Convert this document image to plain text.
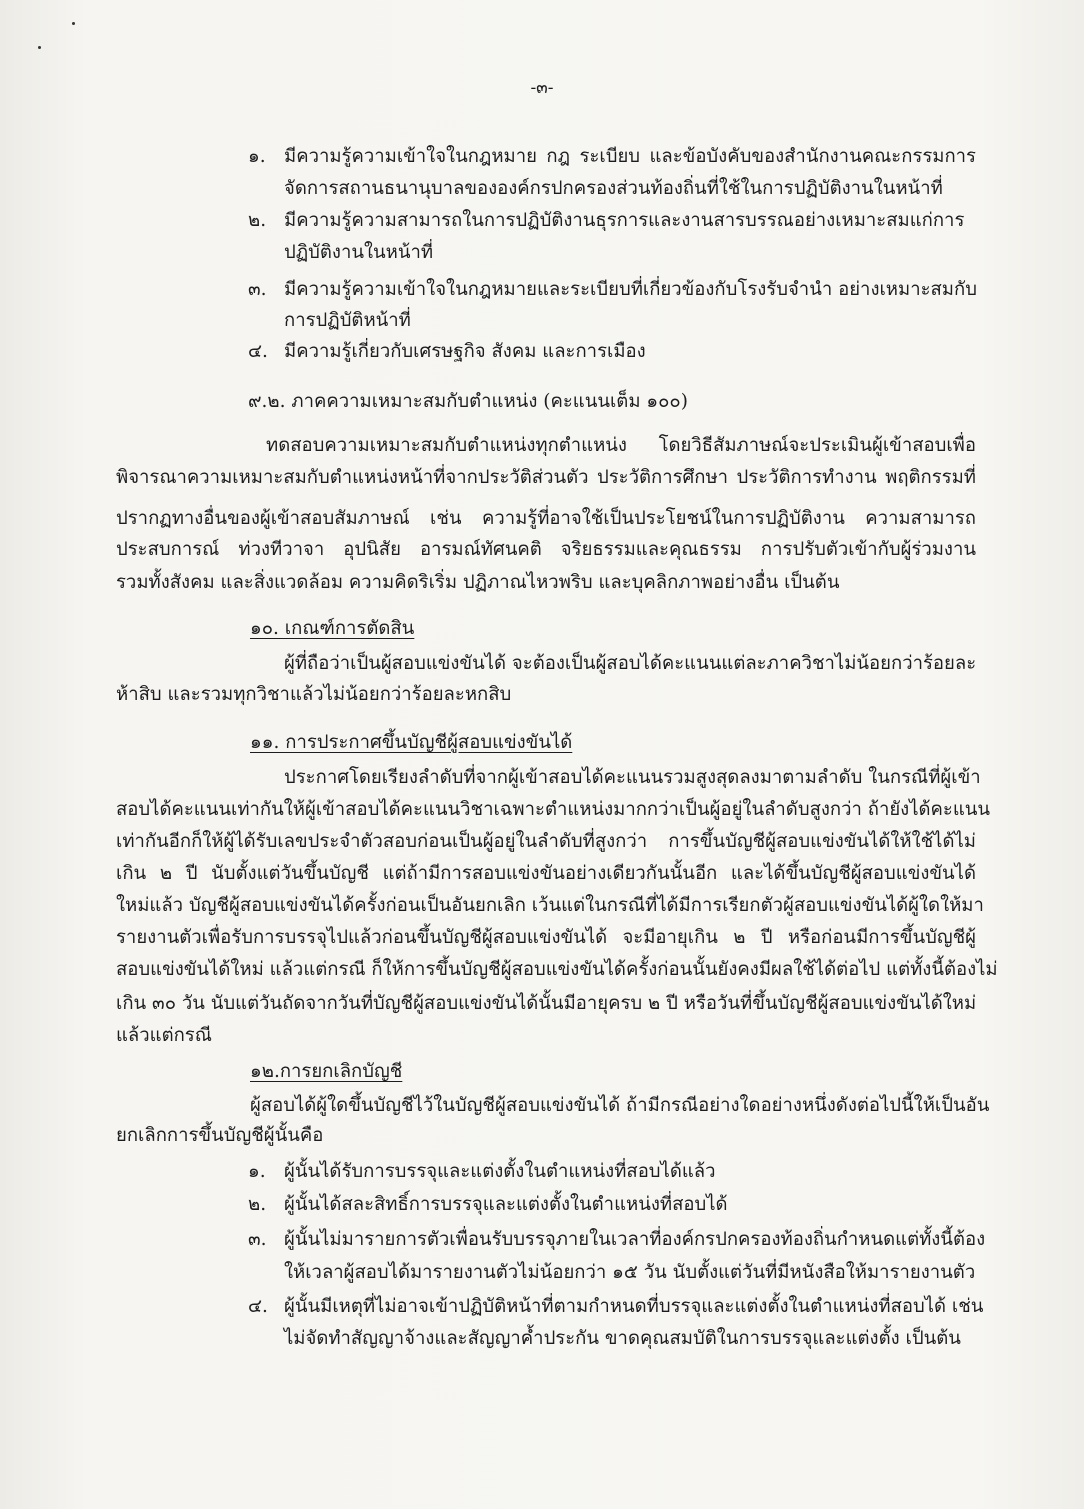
-๓-
๑. มีความรู้ความเข้าใจในกฎหมาย กฎ ระเบียบ และข้อบังคับของสำนักงานคณะกรรมการ
จัดการสถานธนานุบาลขององค์กรปกครองส่วนท้องถิ่นที่ใช้ในการปฏิบัติงานในหน้าที่
๒. มีความรู้ความสามารถในการปฏิบัติงานธุรการและงานสารบรรณอย่างเหมาะสมแก่การ
ปฏิบัติงานในหน้าที่
๓. มีความรู้ความเข้าใจในกฎหมายและระเบียบที่เกี่ยวข้องกับโรงรับจำนำ อย่างเหมาะสมกับ
การปฏิบัติหน้าที่
๔. มีความรู้เกี่ยวกับเศรษฐกิจ สังคม และการเมือง
๙.๒. ภาคความเหมาะสมกับตำแหน่ง (คะแนนเต็ม ๑๐๐)
ทดสอบความเหมาะสมกับตำแหน่งทุกตำแหน่ง โดยวิธีสัมภาษณ์จะประเมินผู้เข้าสอบเพื่อ
พิจารณาความเหมาะสมกับตำแหน่งหน้าที่จากประวัติส่วนตัว ประวัติการศึกษา ประวัติการทำงาน พฤติกรรมที่
ปรากฏทางอื่นของผู้เข้าสอบสัมภาษณ์ เช่น ความรู้ที่อาจใช้เป็นประโยชน์ในการปฏิบัติงาน ความสามารถ
ประสบการณ์ ท่วงทีวาจา อุปนิสัย อารมณ์ทัศนคติ จริยธรรมและคุณธรรม การปรับตัวเข้ากับผู้ร่วมงาน
รวมทั้งสังคม และสิ่งแวดล้อม ความคิดริเริ่ม ปฏิภาณไหวพริบ และบุคลิกภาพอย่างอื่น เป็นต้น
๑๐. เกณฑ์การตัดสิน
ผู้ที่ถือว่าเป็นผู้สอบแข่งขันได้ จะต้องเป็นผู้สอบได้คะแนนแต่ละภาควิชาไม่น้อยกว่าร้อยละ
ห้าสิบ และรวมทุกวิชาแล้วไม่น้อยกว่าร้อยละหกสิบ
๑๑. การประกาศขึ้นบัญชีผู้สอบแข่งขันได้
ประกาศโดยเรียงลำดับที่จากผู้เข้าสอบได้คะแนนรวมสูงสุดลงมาตามลำดับ ในกรณีที่ผู้เข้า
สอบได้คะแนนเท่ากันให้ผู้เข้าสอบได้คะแนนวิชาเฉพาะตำแหน่งมากกว่าเป็นผู้อยู่ในลำดับสูงกว่า ถ้ายังได้คะแนน
เท่ากันอีกก็ให้ผู้ได้รับเลขประจำตัวสอบก่อนเป็นผู้อยู่ในลำดับที่สูงกว่า การขึ้นบัญชีผู้สอบแข่งขันได้ให้ใช้ได้ไม่
เกิน ๒ ปี นับตั้งแต่วันขึ้นบัญชี แต่ถ้ามีการสอบแข่งขันอย่างเดียวกันนั้นอีก และได้ขึ้นบัญชีผู้สอบแข่งขันได้
ใหม่แล้ว บัญชีผู้สอบแข่งขันได้ครั้งก่อนเป็นอันยกเลิก เว้นแต่ในกรณีที่ได้มีการเรียกตัวผู้สอบแข่งขันได้ผู้ใดให้มา
รายงานตัวเพื่อรับการบรรจุไปแล้วก่อนขึ้นบัญชีผู้สอบแข่งขันได้ จะมีอายุเกิน ๒ ปี หรือก่อนมีการขึ้นบัญชีผู้
สอบแข่งขันได้ใหม่ แล้วแต่กรณี ก็ให้การขึ้นบัญชีผู้สอบแข่งขันได้ครั้งก่อนนั้นยังคงมีผลใช้ได้ต่อไป แต่ทั้งนี้ต้องไม่
เกิน ๓๐ วัน นับแต่วันถัดจากวันที่บัญชีผู้สอบแข่งขันได้นั้นมีอายุครบ ๒ ปี หรือวันที่ขึ้นบัญชีผู้สอบแข่งขันได้ใหม่
แล้วแต่กรณี
๑๒.การยกเลิกบัญชี
ผู้สอบได้ผู้ใดขึ้นบัญชีไว้ในบัญชีผู้สอบแข่งขันได้ ถ้ามีกรณีอย่างใดอย่างหนึ่งดังต่อไปนี้ให้เป็นอัน
ยกเลิกการขึ้นบัญชีผู้นั้นคือ
๑. ผู้นั้นได้รับการบรรจุและแต่งตั้งในตำแหน่งที่สอบได้แล้ว
๒. ผู้นั้นได้สละสิทธิ์การบรรจุและแต่งตั้งในตำแหน่งที่สอบได้
๓. ผู้นั้นไม่มารายการตัวเพื่อนรับบรรจุภายในเวลาที่องค์กรปกครองท้องถิ่นกำหนดแต่ทั้งนี้ต้อง
ให้เวลาผู้สอบได้มารายงานตัวไม่น้อยกว่า ๑๕ วัน นับตั้งแต่วันที่มีหนังสือให้มารายงานตัว
๔. ผู้นั้นมีเหตุที่ไม่อาจเข้าปฏิบัติหน้าที่ตามกำหนดที่บรรจุและแต่งตั้งในตำแหน่งที่สอบได้ เช่น
ไม่จัดทำสัญญาจ้างและสัญญาค้ำประกัน ขาดคุณสมบัติในการบรรจุและแต่งตั้ง เป็นต้น
